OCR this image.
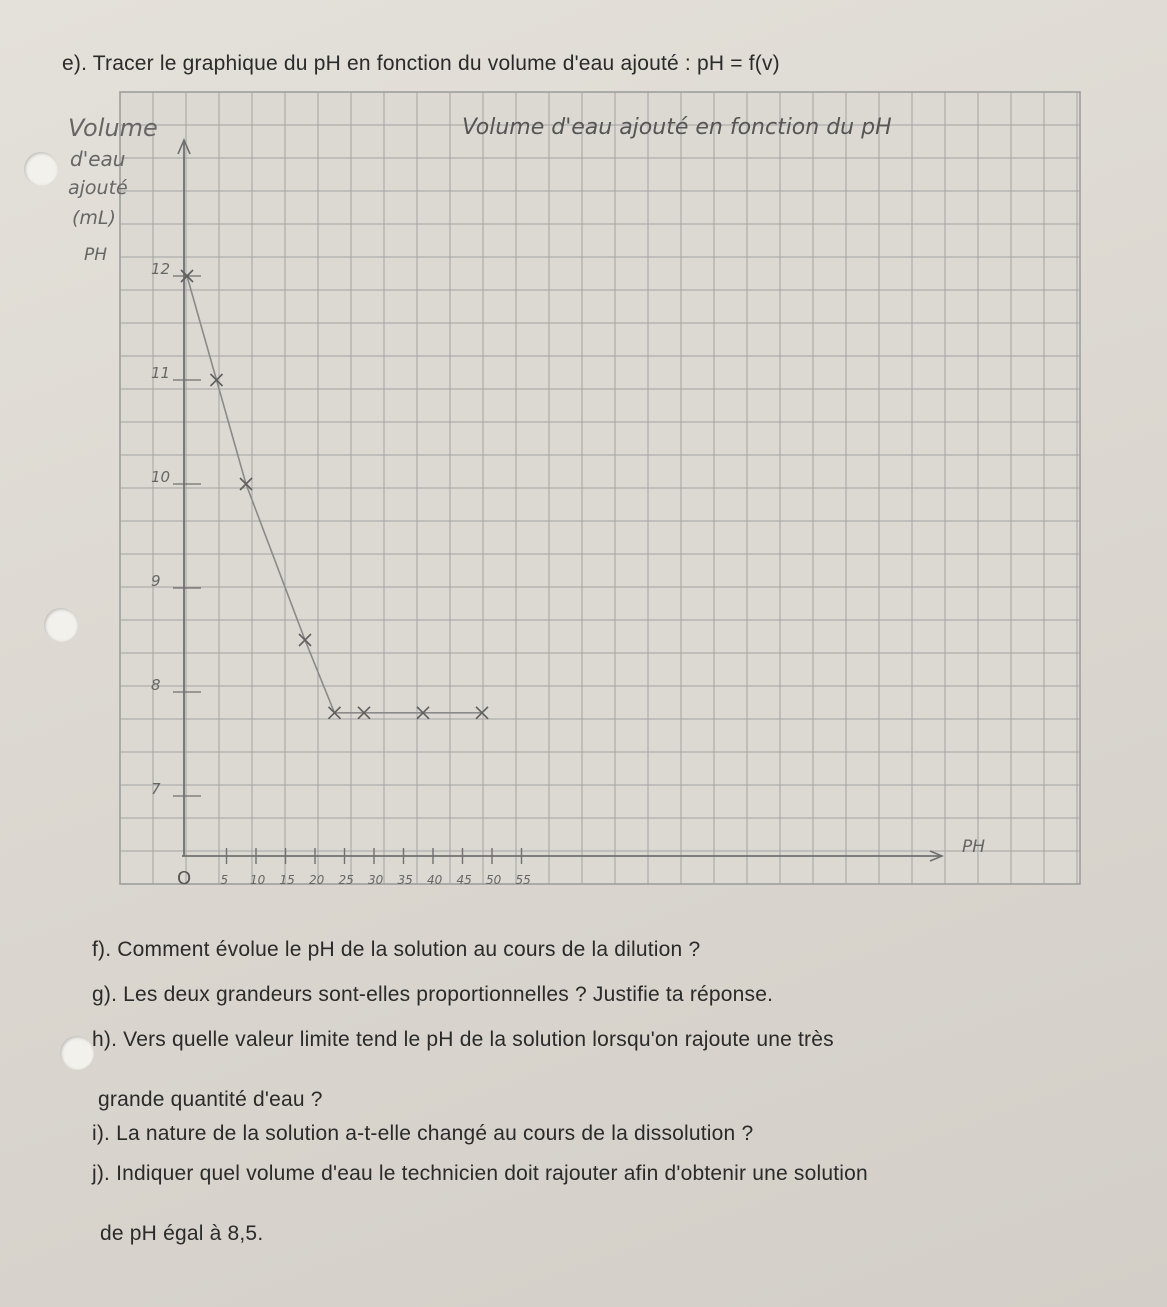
e). Tracer le graphique du pH en fonction du volume d'eau ajouté : pH = f(v)
5 10 15 20 25 30 35 40 45 50 55
O
7
8
9
10
11
12
Volume d'eau ajouté en fonction du pH
Volume
d'eau
ajouté
(mL)
PH
PH
f). Comment évolue le pH de la solution au cours de la dilution ?
g). Les deux grandeurs sont-elles proportionnelles ? Justifie ta réponse.
h). Vers quelle valeur limite tend le pH de la solution lorsqu'on rajoute une très
grande quantité d'eau ?
i). La nature de la solution a-t-elle changé au cours de la dissolution ?
j). Indiquer quel volume d'eau le technicien doit rajouter afin d'obtenir une solution
de pH égal à 8,5.
